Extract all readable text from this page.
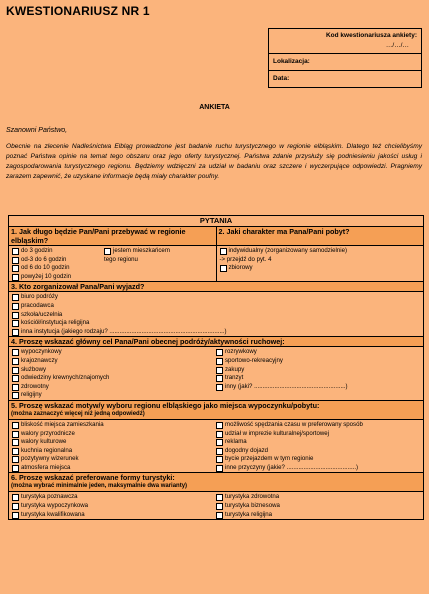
KWESTIONARIUSZ NR 1
Kod kwestionariusza ankiety:
…/…/…
Lokalizacja:
Data:
ANKIETA
Szanowni Państwo,
Obecnie na zlecenie Nadleśnictwa Elbląg prowadzone jest badanie ruchu turystycznego w regionie elbląskim. Dlatego też chcielibyśmy poznać Państwa opinie na temat tego obszaru oraz jego oferty turystycznej. Państwa zdanie przysłuży się podniesieniu jakości usług i zagospodarowania turystycznego regionu. Będziemy wdzięczni za udział w badaniu oraz szczere i wyczerpujące odpowiedzi. Pragniemy zarazem zapewnić, że uzyskane informacje będą miały charakter poufny.
PYTANIA
1. Jak długo będzie Pan/Pani przebywać w regionie elbląskim?
do 3 godzin
od-3 do 6 godzin
od 6 do 10 godzin
powyżej 10 godzin
jestem mieszkańcem
tego regionu
2. Jaki charakter ma Pana/Pani pobyt?
indywidualny (zorganizowany samodzielnie)
-> przejdź do pyt. 4
zbiorowy
3. Kto zorganizował Pana/Pani wyjazd?
biuro podróży
pracodawca
szkoła/uczelnia
kościół/instytucja religijna
inna instytucja (jakiego rodzaju? ....................................................................)
4. Proszę wskazać główny cel Pana/Pani obecnej podróży/aktywności ruchowej:
wypoczynkowy
krajoznawczy
służbowy
odwiedziny krewnych/znajomych
zdrowotny
religijny
rozrywkowy
sportowo-rekreacyjny
zakupy
tranzyt
inny (jaki? ......................................................)
5. Proszę wskazać motyw/y wyboru regionu elbląskiego jako miejsca wypoczynku/pobytu:
(można zaznaczyć więcej niż jedną odpowiedź)
bliskość miejsca zamieszkania
walory przyrodnicze
walory kulturowe
kuchnia regionalna
pozytywny wizerunek
atmosfera miejsca
możliwość spędzania czasu w preferowany sposób
udział w imprezie kulturalnej/sportowej
reklama
dogodny dojazd
bycie przejazdem w tym regionie
inne przyczyny (jakie? .........................................)
6. Proszę wskazać preferowane formy turystyki:
(można wybrać minimalnie jeden, maksymalnie dwa warianty)
turystyka poznawcza
turystyka wypoczynkowa
turystyka kwalifikowana
turystyka zdrowotna
turystyka biznesowa
turystyka religijna
